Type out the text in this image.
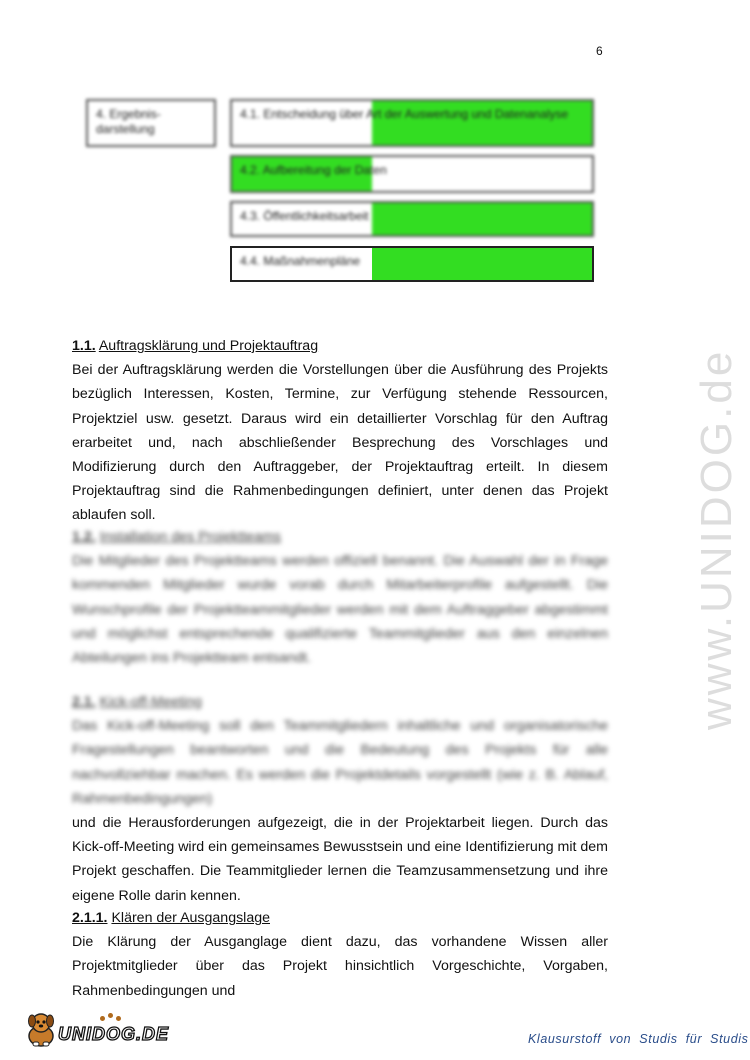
6
4. Ergebnis-darstellung
4.1. Entscheidung über Art der Auswertung und Datenanalyse
4.2. Aufbereitung der Daten
4.3. Öffentlichkeitsarbeit
4.4. Maßnahmenpläne
1.1. Auftragsklärung und Projektauftrag

Bei der Auftragsklärung werden die Vorstellungen über die Ausführung des Projekts bezüglich Interessen, Kosten, Termine, zur Verfügung stehende Ressourcen, Projektziel usw. gesetzt. Daraus wird ein detaillierter Vorschlag für den Auftrag erarbeitet und, nach abschließender Besprechung des Vorschlages und Modifizierung durch den Auftraggeber, der Projektauftrag erteilt. In diesem Projektauftrag sind die Rahmenbedingungen definiert, unter denen das Projekt ablaufen soll.

1.2. Installation des Projektteams

Die Mitglieder des Projektteams werden offiziell benannt. Die Auswahl der in Frage kommenden Mitglieder wurde vorab durch Mitarbeiterprofile aufgestellt. Die Wunschprofile der Projektteammitglieder werden mit dem Auftraggeber abgestimmt und möglichst entsprechende qualifizierte Teammitglieder aus den einzelnen Abteilungen ins Projektteam entsandt.

2.1. Kick-off-Meeting

Das Kick-off-Meeting soll den Teammitgliedern inhaltliche und organisatorische Fragestellungen beantworten und die Bedeutung des Projekts für alle nachvollziehbar machen. Es werden die Projektdetails vorgestellt (wie z. B. Ablauf, Rahmenbedingungen)

und die Herausforderungen aufgezeigt, die in der Projektarbeit liegen. Durch das Kick-off-Meeting wird ein gemeinsames Bewusstsein und eine Identifizierung mit dem Projekt geschaffen. Die Teammitglieder lernen die Teamzusammensetzung und ihre eigene Rolle darin kennen.

2.1.1. Klären der Ausgangslage

Die Klärung der Ausganglage dient dazu, das vorhandene Wissen aller Projektmitglieder über das Projekt hinsichtlich Vorgeschichte, Vorgaben, Rahmenbedingungen und

www.UNIDOG.de
UNIDOG.DE	Klausurstoff von Studis für Studis
